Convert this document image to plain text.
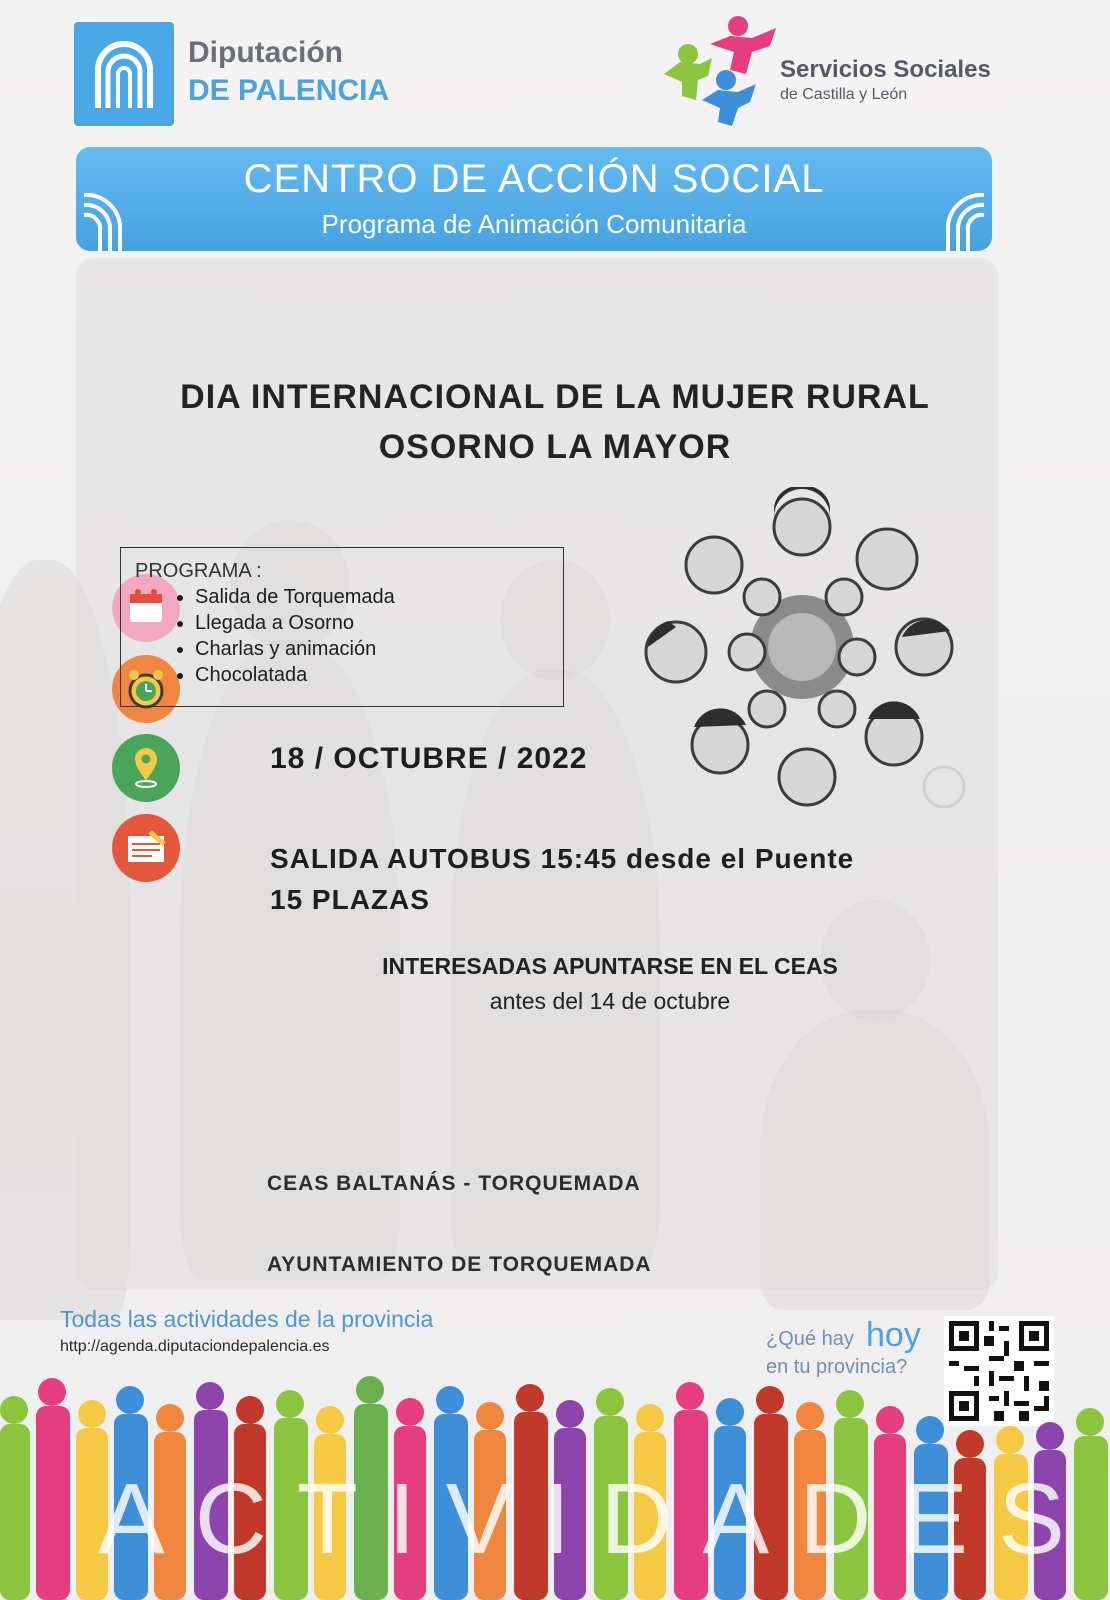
Diputación
DE PALENCIA
Servicios Sociales
de Castilla y León
CENTRO DE ACCIÓN SOCIAL
Programa de Animación Comunitaria
DIA INTERNACIONAL DE LA MUJER RURAL
OSORNO LA MAYOR
PROGRAMA :
• Salida de Torquemada
• Llegada a Osorno
• Charlas y animación
• Chocolatada
18 / OCTUBRE / 2022
SALIDA AUTOBUS 15:45 desde el Puente
15 PLAZAS
INTERESADAS APUNTARSE EN EL CEAS
antes del 14 de octubre
CEAS BALTANÁS - TORQUEMADA
AYUNTAMIENTO DE TORQUEMADA
Todas las actividades de la provincia
http://agenda.diputaciondepalencia.es	¿Qué hay hoy
en tu provincia?
ACTIVIDADES
